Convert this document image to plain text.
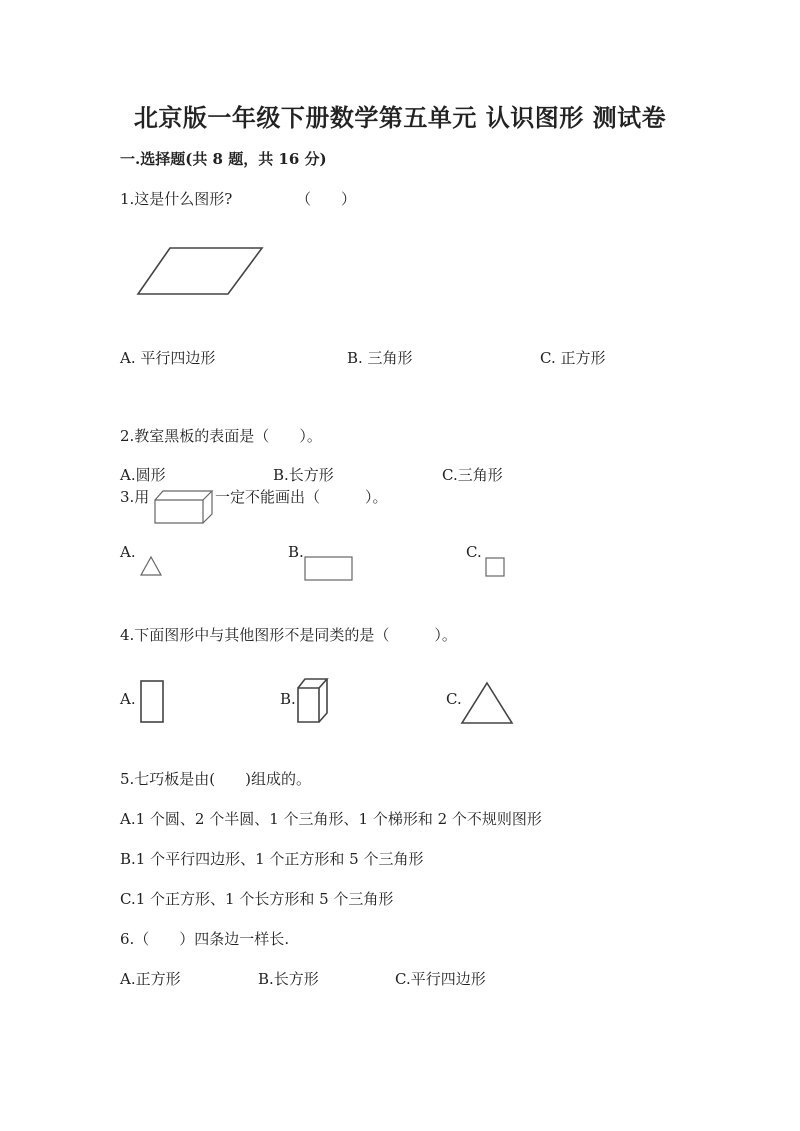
北京版一年级下册数学第五单元 认识图形 测试卷
一.选择题(共 8 题，共 16 分)
1.这是什么图形?	（　　）
A. 平行四边形	B. 三角形	C. 正方形
2.教室黑板的表面是（　　）。
A.圆形	B.长方形	C.三角形
3.用	一定不能画出（　　　）。
A.	B.	C.
4.下面图形中与其他图形不是同类的是（　　　）。
A.	B.	C.
5.七巧板是由(　　)组成的。
A.1 个圆、2 个半圆、1 个三角形、1 个梯形和 2 个不规则图形
B.1 个平行四边形、1 个正方形和 5 个三角形
C.1 个正方形、1 个长方形和 5 个三角形
6.（　　）四条边一样长.
A.正方形	B.长方形	C.平行四边形
